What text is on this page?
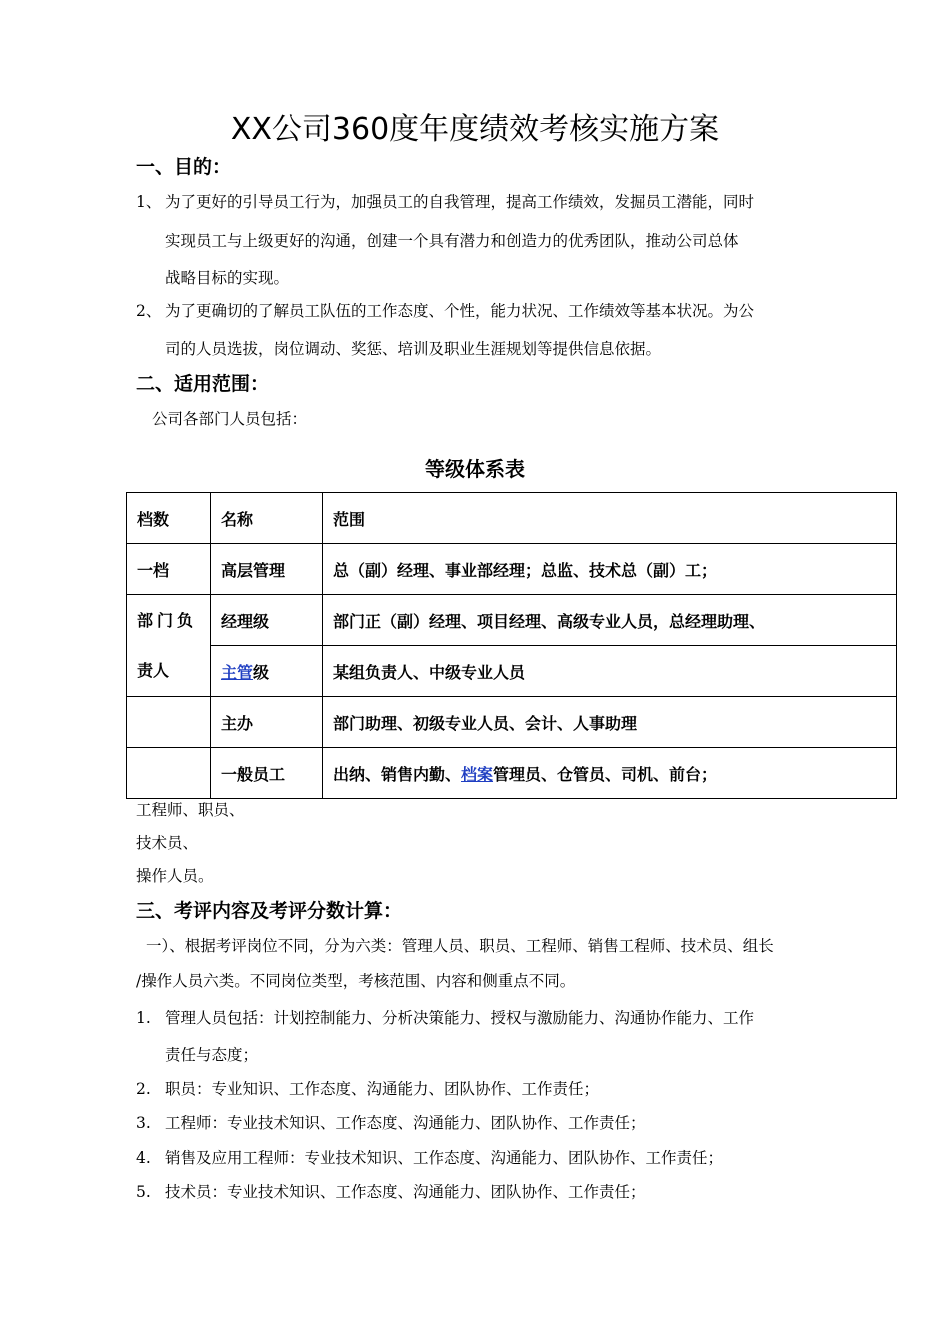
XX公司360度年度绩效考核实施方案
一、目的：
1、 为了更好的引导员工行为，加强员工的自我管理，提高工作绩效，发掘员工潜能，同时
实现员工与上级更好的沟通，创建一个具有潜力和创造力的优秀团队，推动公司总体
战略目标的实现。
2、 为了更确切的了解员工队伍的工作态度、个性，能力状况、工作绩效等基本状况。为公
司的人员选拔，岗位调动、奖惩、培训及职业生涯规划等提供信息依据。
二、适用范围：
公司各部门人员包括：
等级体系表
档数	名称	范围
一档	高层管理	总（副）经理、事业部经理；总监、技术总（副）工；

部门负
责人	经理级	部门正（副）经理、项目经理、高级专业人员，总经理助理、
	主管级	某组负责人、中级专业人员
	主办	部门助理、初级专业人员、会计、人事助理
	一般员工	出纳、销售内勤、档案管理员、仓管员、司机、前台；
工程师、职员、
技术员、
操作人员。
三、考评内容及考评分数计算：
一）、根据考评岗位不同，分为六类：管理人员、职员、工程师、销售工程师、技术员、组长
/操作人员六类。不同岗位类型，考核范围、内容和侧重点不同。
1. 管理人员包括：计划控制能力、分析决策能力、授权与激励能力、沟通协作能力、工作
责任与态度；
2. 职员：专业知识、工作态度、沟通能力、团队协作、工作责任；
3. 工程师：专业技术知识、工作态度、沟通能力、团队协作、工作责任；
4. 销售及应用工程师：专业技术知识、工作态度、沟通能力、团队协作、工作责任；
5. 技术员：专业技术知识、工作态度、沟通能力、团队协作、工作责任；
